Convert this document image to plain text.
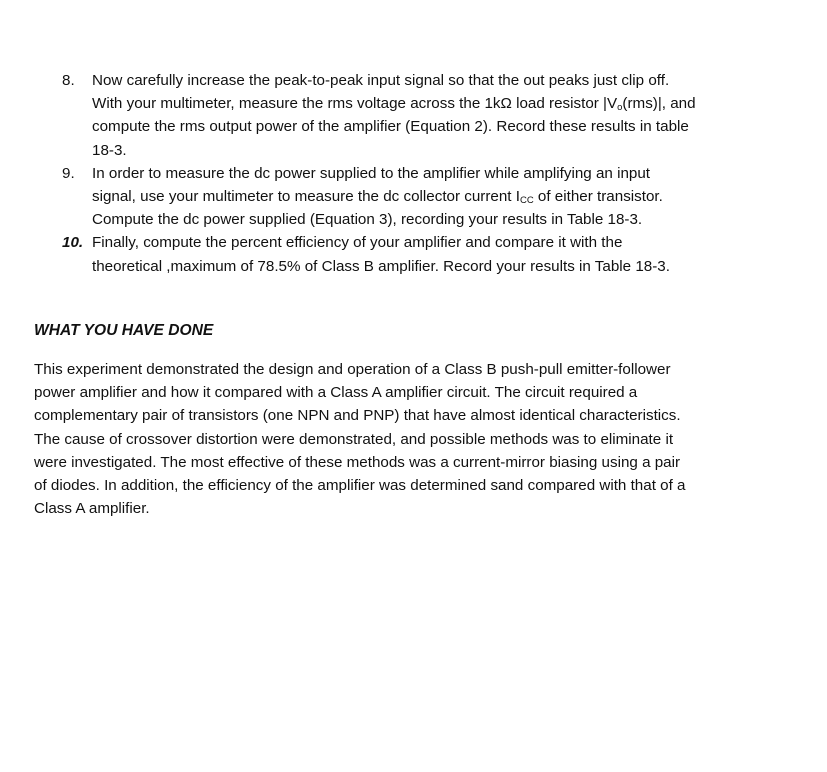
8. Now carefully increase the peak-to-peak input signal so that the out peaks just clip off.
With your multimeter, measure the rms voltage across the 1kΩ load resistor $|V_o(rms)|$, and
compute the rms output power of the amplifier (Equation 2). Record these results in table
18-3.
9. In order to measure the dc power supplied to the amplifier while amplifying an input
signal, use your multimeter to measure the dc collector current $I_{CC}$ of either transistor.
Compute the dc power supplied (Equation 3), recording your results in Table 18-3.
10. Finally, compute the percent efficiency of your amplifier and compare it with the
theoretical ,maximum of 78.5% of Class B amplifier. Record your results in Table 18-3.
WHAT YOU HAVE DONE
This experiment demonstrated the design and operation of a Class B push-pull emitter-follower
power amplifier and how it compared with a Class A amplifier circuit. The circuit required a
complementary pair of transistors (one NPN and PNP) that have almost identical characteristics.
The cause of crossover distortion were demonstrated, and possible methods was to eliminate it
were investigated. The most effective of these methods was a current-mirror biasing using a pair
of diodes. In addition, the efficiency of the amplifier was determined sand compared with that of a
Class A amplifier.
